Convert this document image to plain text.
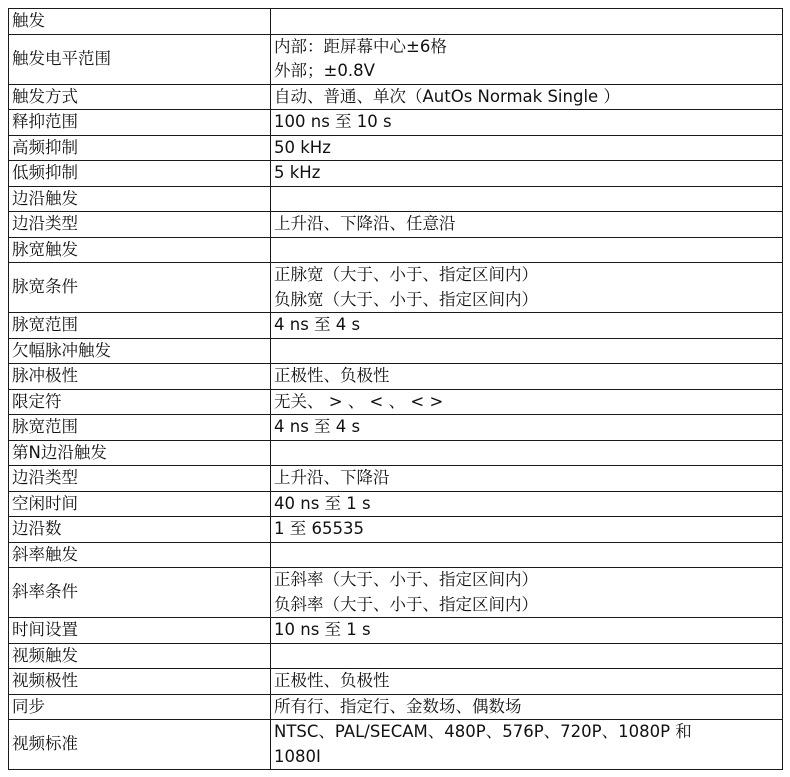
触发	
触发电平范围	内部：距屏幕中心±6格
外部；±0.8V

触发方式	自动、普通、单次（AutOs Normak Single ）

释抑范围	100 ns 至 10 s

高频抑制	50 kHz

低频抑制	5 kHz

边沿触发	
边沿类型	上升沿、下降沿、任意沿

脉宽触发	
脉宽条件	正脉宽（大于、小于、指定区间内）
负脉宽（大于、小于、指定区间内）

脉宽范围	4 ns 至 4 s

欠幅脉冲触发	
脉冲极性	正极性、负极性

限定符	无关、 > 、 < 、 < >

脉宽范围	4 ns 至 4 s

第N边沿触发	
边沿类型	上升沿、下降沿

空闲时间	40 ns 至 1 s

边沿数	1 至 65535

斜率触发	
斜率条件	正斜率（大于、小于、指定区间内）
负斜率（大于、小于、指定区间内）

时间设置	10 ns 至 1 s

视频触发	
视频极性	正极性、负极性

同步	所有行、指定行、金数场、偶数场

视频标准	NTSC、PAL/SECAM、480P、576P、720P、1080P 和
1080I
